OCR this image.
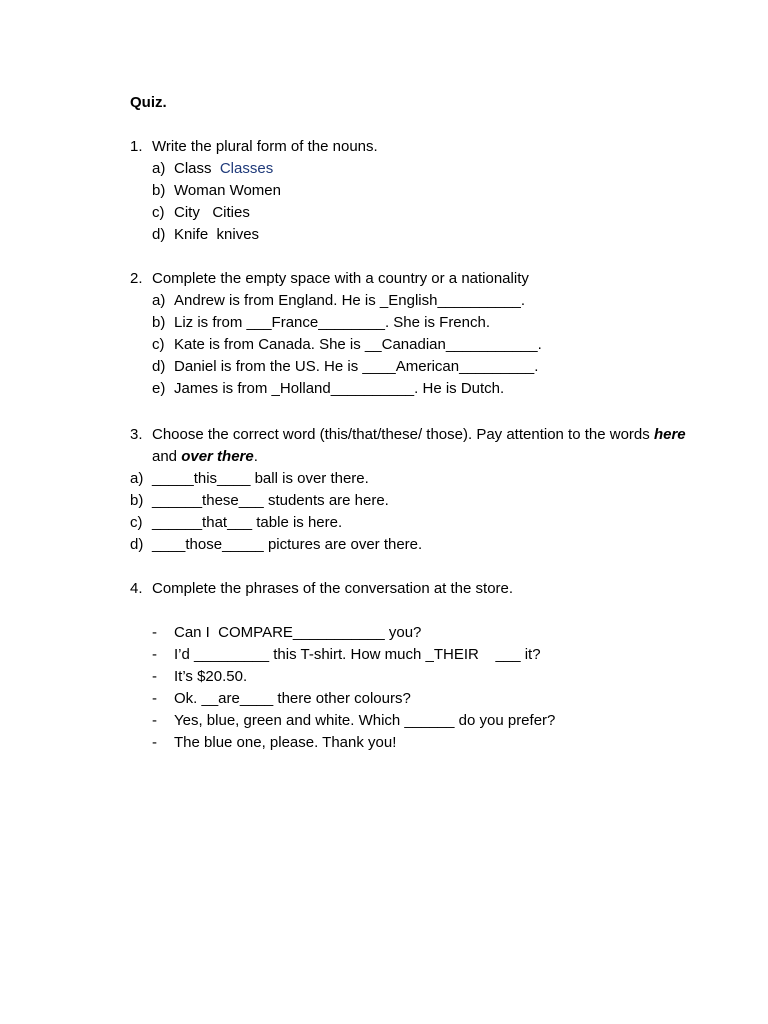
Quiz.
1. Write the plural form of the nouns.
a) Class Classes
b) Woman Women
c) City   Cities
d) Knife  knives
2. Complete the empty space with a country or a nationality
a) Andrew is from England. He is _English__________.
b) Liz is from ___France________. She is French.
c) Kate is from Canada. She is __Canadian___________.
d) Daniel is from the US. He is ____American_________.
e) James is from _Holland__________. He is Dutch.
3. Choose the correct word (this/that/these/ those). Pay attention to the words here and over there.
a) _____this____ ball is over there.
b) ______these___ students are here.
c) ______that___ table is here.
d) ____those_____ pictures are over there.
4. Complete the phrases of the conversation at the store.
-	Can I  COMPARE___________ you?
-	I’d _________ this T-shirt. How much _THEIR    ___ it?
-	It’s $20.50.
-	Ok. __are____ there other colours?
-	Yes, blue, green and white. Which ______ do you prefer?
-	The blue one, please. Thank you!
